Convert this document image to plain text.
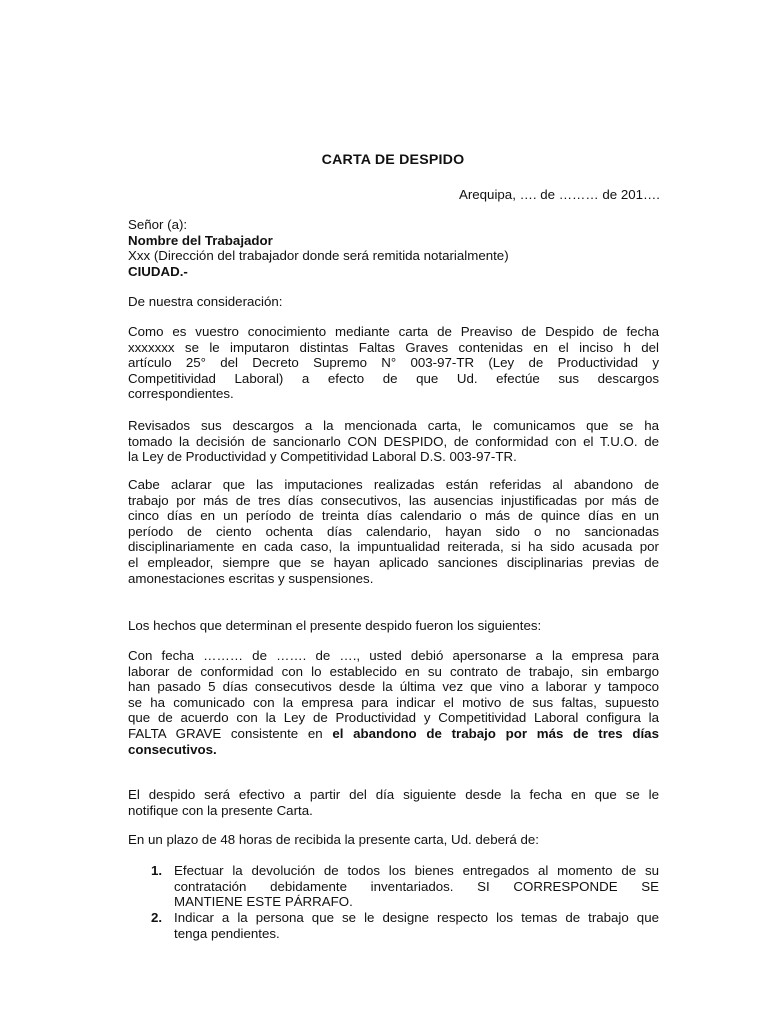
CARTA DE DESPIDO
Arequipa, …. de ……… de 201….
Señor (a):
Nombre del Trabajador
Xxx (Dirección del trabajador donde será remitida notarialmente)
CIUDAD.-
De nuestra consideración:
Como es vuestro conocimiento mediante carta de Preaviso de Despido de fecha
xxxxxxx se le imputaron distintas Faltas Graves contenidas en el inciso h del
artículo 25° del Decreto Supremo N° 003-97-TR (Ley de Productividad y
Competitividad Laboral) a efecto de que Ud. efectúe sus descargos
correspondientes.
Revisados sus descargos a la mencionada carta, le comunicamos que se ha
tomado la decisión de sancionarlo CON DESPIDO, de conformidad con el T.U.O. de
la Ley de Productividad y Competitividad Laboral D.S. 003-97-TR.
Cabe aclarar que las imputaciones realizadas están referidas al abandono de
trabajo por más de tres días consecutivos, las ausencias injustificadas por más de
cinco días en un período de treinta días calendario o más de quince días en un
período de ciento ochenta días calendario, hayan sido o no sancionadas
disciplinariamente en cada caso, la impuntualidad reiterada, si ha sido acusada por
el empleador, siempre que se hayan aplicado sanciones disciplinarias previas de
amonestaciones escritas y suspensiones.
Los hechos que determinan el presente despido fueron los siguientes:
Con fecha ……… de ……. de …., usted debió apersonarse a la empresa para
laborar de conformidad con lo establecido en su contrato de trabajo, sin embargo
han pasado 5 días consecutivos desde la última vez que vino a laborar y tampoco
se ha comunicado con la empresa para indicar el motivo de sus faltas, supuesto
que de acuerdo con la Ley de Productividad y Competitividad Laboral configura la
FALTA GRAVE consistente en el abandono de trabajo por más de tres días
consecutivos.
El despido será efectivo a partir del día siguiente desde la fecha en que se le
notifique con la presente Carta.
En un plazo de 48 horas de recibida la presente carta, Ud. deberá de:
1. Efectuar la devolución de todos los bienes entregados al momento de su
contratación debidamente inventariados. SI CORRESPONDE SE
MANTIENE ESTE PÁRRAFO.
2. Indicar a la persona que se le designe respecto los temas de trabajo que
tenga pendientes.
